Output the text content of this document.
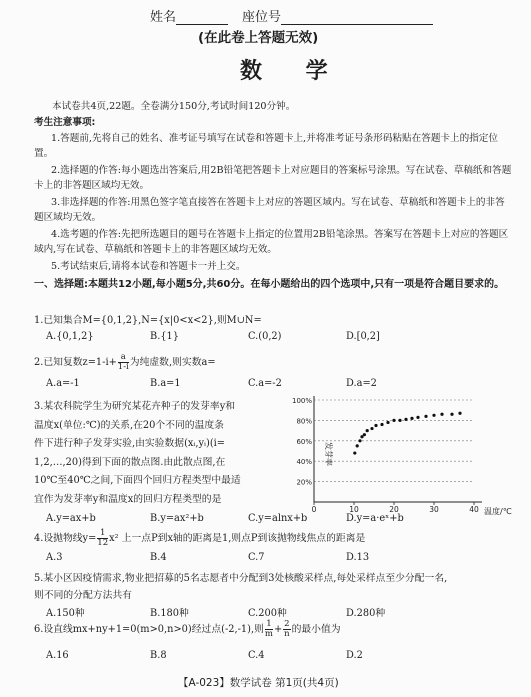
姓名	座位号
(在此卷上答题无效)
数 学
本试卷共4页,22题。全卷满分150分,考试时间120分钟。
考生注意事项:
1.答题前,先将自己的姓名、准考证号填写在试卷和答题卡上,并将准考证号条形码粘贴在答题卡上的指定位置。
2.选择题的作答:每小题选出答案后,用2B铅笔把答题卡上对应题目的答案标号涂黑。写在试卷、草稿纸和答题卡上的非答题区域均无效。
3.非选择题的作答:用黑色签字笔直接答在答题卡上对应的答题区域内。写在试卷、草稿纸和答题卡上的非答题区域均无效。
4.选考题的作答:先把所选题目的题号在答题卡上指定的位置用2B铅笔涂黑。答案写在答题卡上对应的答题区域内,写在试卷、草稿纸和答题卡上的非答题区域均无效。
5.考试结束后,请将本试卷和答题卡一并上交。
一、选择题:本题共12小题,每小题5分,共60分。在每小题给出的四个选项中,只有一项是符合题目要求的。
1.已知集合M={0,1,2},N={x|0<x<2},则M∪N=
A.{0,1,2}	B.{1}	C.(0,2)	D.[0,2]
2.已知复数$z=1-i+ \frac{a}{1-i}$ 为纯虚数,则实数a=
A.a=-1	B.a=1	C.a=-2	D.a=2
3.某农科院学生为研究某花卉种子的发芽率y和
温度x(单位:℃)的关系,在20个不同的温度条
件下进行种子发芽实验,由实验数据(xᵢ,yᵢ)(i=
1,2,…,20)得到下面的散点图.由此散点图,在
10℃至40℃之间,下面四个回归方程类型中最适
宜作为发芽率y和温度x的回归方程类型的是
100%
80%
60%
40%
20%
0	10	20	30	40
发芽率
温度/℃
A.y=ax+b	B.y=ax²+b	C.y=alnx+b	D.y=a·eˣ+b
4.设抛物线$y= \frac{1}{12} x^2$ 上一点P到x轴的距离是1,则点P到该抛物线焦点的距离是
A.3	B.4	C.7	D.13
5.某小区因疫情需求,物业把招募的5名志愿者中分配到3处核酸采样点,每处采样点至少分配一名,
则不同的分配方法共有
A.150种	B.180种	C.200种	D.280种
6.设直线mx+ny+1=0(m>0,n>0)经过点(-2,-1),则 $\frac{1}{m} + \frac{2}{n}$ 的最小值为
A.16	B.8	C.4	D.2
【A-023】数学试卷 第1页(共4页)
